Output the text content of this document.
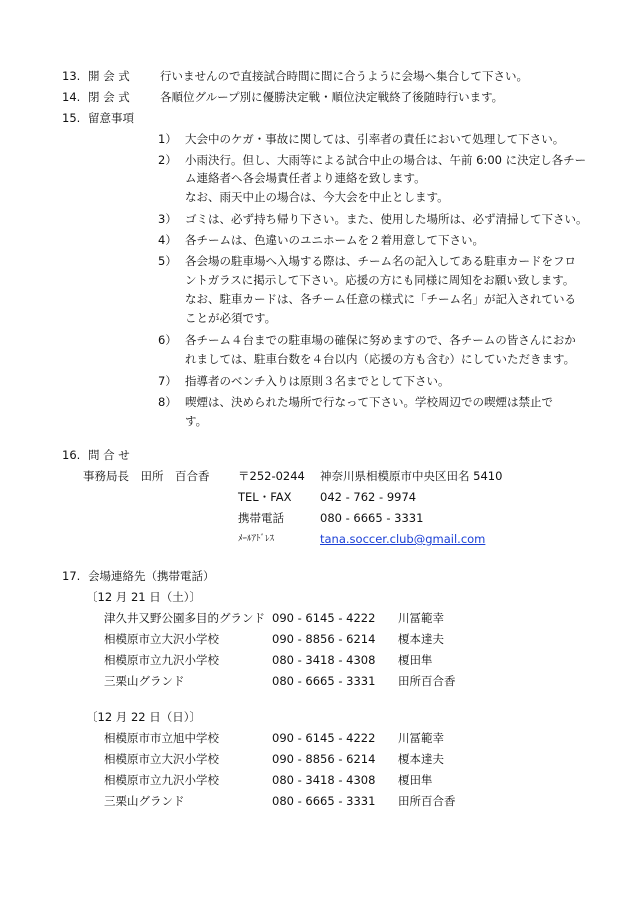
13. 開 会 式	行いませんので直接試合時間に間に合うように会場へ集合して下さい。
14. 閉 会 式	各順位グループ別に優勝決定戦・順位決定戦終了後随時行います。
15. 留意事項
1） 大会中のケガ・事故に関しては、引率者の責任において処理して下さい。
2） 小雨決行。但し、大雨等による試合中止の場合は、午前 6:00 に決定し各チー
ム連絡者へ各会場責任者より連絡を致します。
なお、雨天中止の場合は、今大会を中止とします。
3） ゴミは、必ず持ち帰り下さい。また、使用した場所は、必ず清掃して下さい。
4） 各チームは、色違いのユニホームを２着用意して下さい。
5） 各会場の駐車場へ入場する際は、チーム名の記入してある駐車カードをフロ
ントガラスに掲示して下さい。応援の方にも同様に周知をお願い致します。
なお、駐車カードは、各チーム任意の様式に「チーム名」が記入されている
ことが必須です。
6） 各チーム４台までの駐車場の確保に努めますので、各チームの皆さんにおか
れましては、駐車台数を４台以内（応援の方も含む）にしていただきます。
7） 指導者のベンチ入りは原則３名までとして下さい。
8） 喫煙は、決められた場所で行なって下さい。学校周辺での喫煙は禁止で
す。
16. 問 合 せ
事務局長　田所　百合香 〒252-0244 神奈川県相模原市中央区田名 5410
TEL・FAX 042 - 762 - 9974
携帯電話	080 - 6665 - 3331
ﾒｰﾙｱﾄﾞﾚｽ	tana.soccer.club@gmail.com
17. 会場連絡先（携帯電話）
〔12 月 21 日（土）〕
津久井又野公園多目的グランド 090 - 6145 - 4222 川冨範幸
相模原市立大沢小学校	090 - 8856 - 6214 榎本達夫
相模原市立九沢小学校	080 - 3418 - 4308 榎田隼
三栗山グランド	080 - 6665 - 3331 田所百合香
〔12 月 22 日（日）〕
相模原市市立旭中学校	090 - 6145 - 4222 川冨範幸
相模原市立大沢小学校	090 - 8856 - 6214 榎本達夫
相模原市立九沢小学校	080 - 3418 - 4308 榎田隼
三栗山グランド	080 - 6665 - 3331 田所百合香
